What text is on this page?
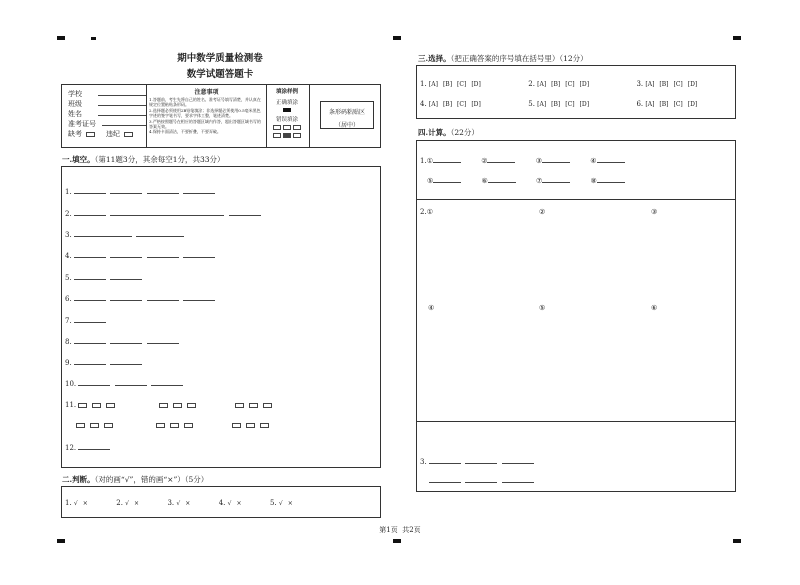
期中数学质量检测卷
数学试题答题卡
学校
班级
姓名
准考证号
缺考	违纪
注意事项
1.答题前，考生先将自己的姓名、准考证号填写清楚，并认真在规定位置粘贴条形码。
2.选择题必须使用2B铅笔填涂；非选择题必须使用0.5毫米黑色字迹的签字笔书写，要求字体工整，笔迹清楚。
3.严格按照题号在相应的答题区域内作答，超出答题区域书写的答案无效。
4.保持卡面清洁，不要折叠，不要弄破。
填涂样例
正确填涂
错误填涂
条形码粘贴区
（居中）
一.填空。（第11题3分，其余每空1分，共33分）
1.
2.
3.
4.
5.
6.
7.
8.
9.
10.
11.

12.
二.判断。（对的画“√”，错的画“×”）（5分）
1. √ ×	2. √ ×	3. √ ×	4. √ ×	5. √ ×
三.选择。（把正确答案的序号填在括号里）（12分）
1. [A] [B] [C] [D]	2. [A] [B] [C] [D]	3. [A] [B] [C] [D]
4. [A] [B] [C] [D]	5. [A] [B] [C] [D]	6. [A] [B] [C] [D]
四.计算。（22分）
1.①	②	③	④
⑤	⑥	⑦	⑧
2.①	②	③
④	⑤	⑥
3.

第1页 共2页
